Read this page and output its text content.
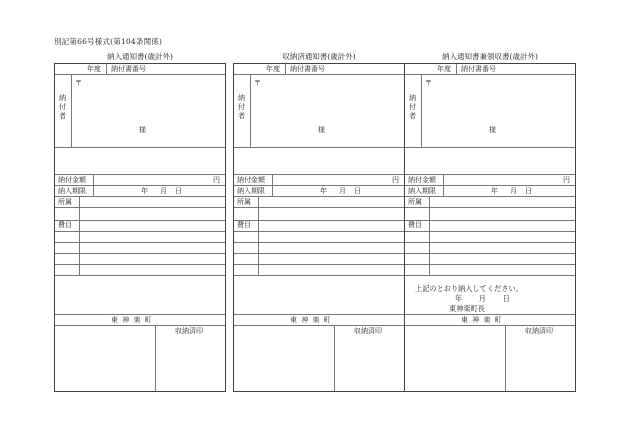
別記第66号様式(第104条関係)
納入通知書(歳計外)
年度 納付書番号
〒
納
付
者
様
納付金額	円
納入期限	年 月 日
所属
費目
東 神 楽 町
収納済印
収納済通知書(歳計外)
年度 納付書番号
〒
納
付
者
様
納付金額	円
納入期限	年 月 日
所属
費目
東 神 楽 町
収納済印
納入通知書兼領収書(歳計外)
年度 納付書番号
〒
納
付
者
様
納付金額	円
納入期限	年 月 日
所属
費目
東 神 楽 町
収納済印
上記のとおり納入してください。
年 月 日
東神楽町長
